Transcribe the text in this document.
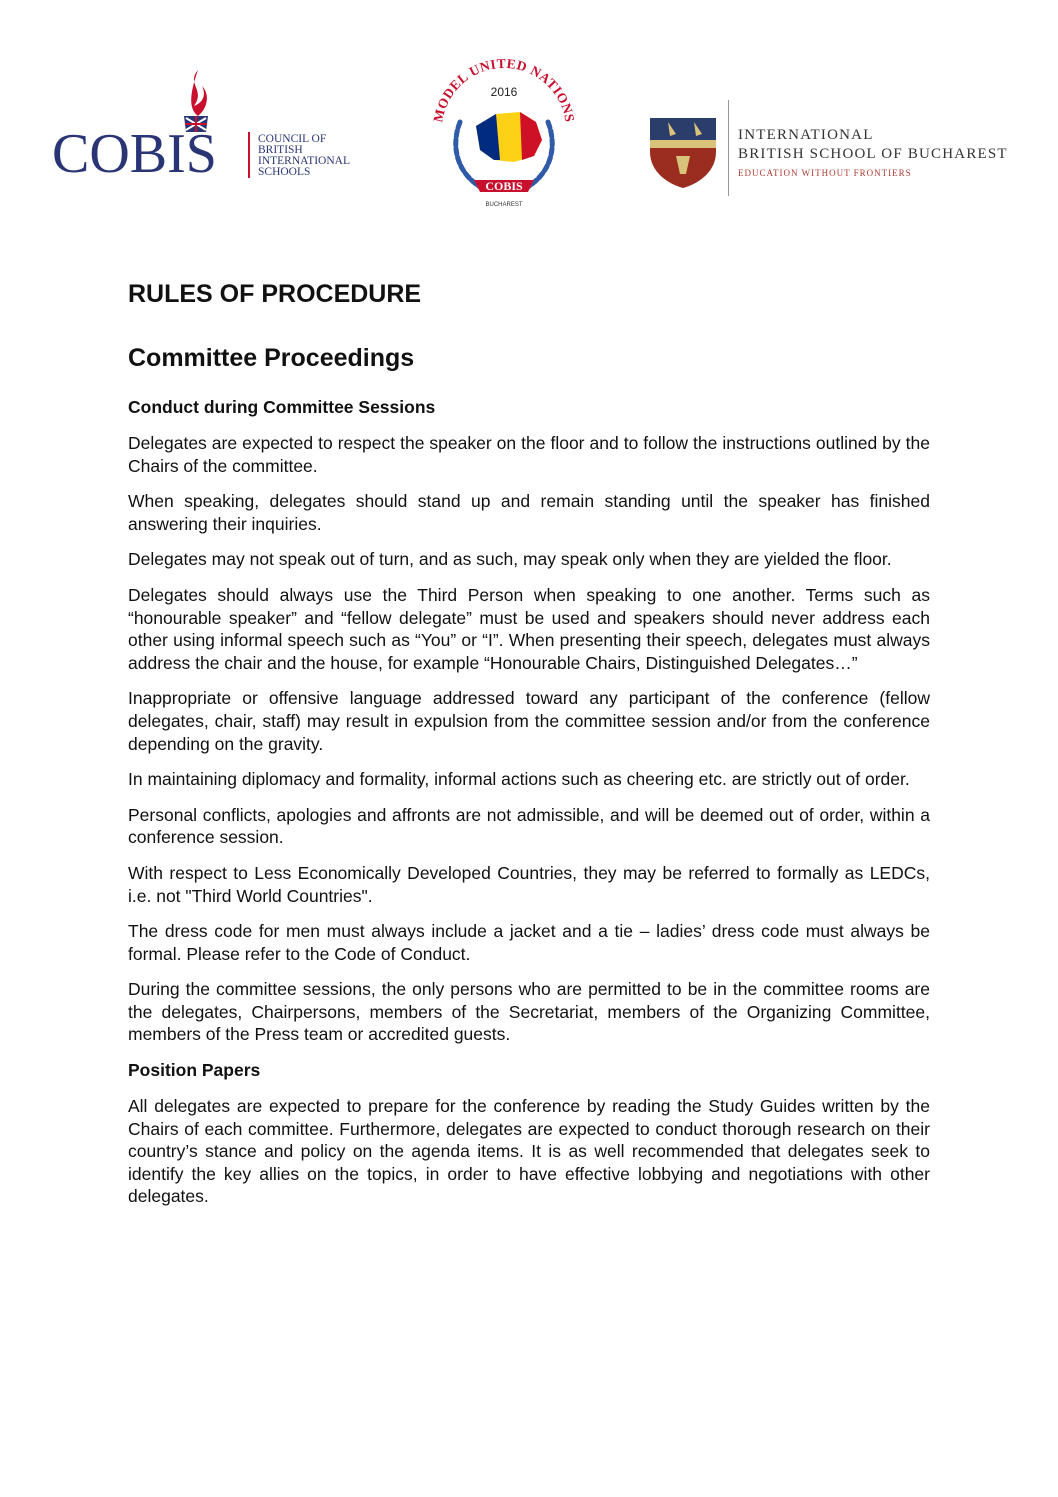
COBIS	COUNCIL OF
BRITISH
INTERNATIONAL
SCHOOLS
MODEL UNITED NATIONS
2016
COBIS
BUCHAREST
INTERNATIONAL
BRITISH SCHOOL OF BUCHAREST
EDUCATION WITHOUT FRONTIERS
RULES OF PROCEDURE
Committee Proceedings
Conduct during Committee Sessions

Delegates are expected to respect the speaker on the floor and to follow the instructions outlined by the Chairs of the committee.

When speaking, delegates should stand up and remain standing until the speaker has finished answering their inquiries.

Delegates may not speak out of turn, and as such, may speak only when they are yielded the floor.

Delegates should always use the Third Person when speaking to one another. Terms such as “honourable speaker” and “fellow delegate” must be used and speakers should never address each other using informal speech such as “You” or “I”. When presenting their speech, delegates must always address the chair and the house, for example “Honourable Chairs, Distinguished Delegates…”

Inappropriate or offensive language addressed toward any participant of the conference (fellow delegates, chair, staff) may result in expulsion from the committee session and/or from the conference depending on the gravity.

In maintaining diplomacy and formality, informal actions such as cheering etc. are strictly out of order.

Personal conflicts, apologies and affronts are not admissible, and will be deemed out of order, within a conference session.

With respect to Less Economically Developed Countries, they may be referred to formally as LEDCs, i.e. not "Third World Countries".

The dress code for men must always include a jacket and a tie – ladies’ dress code must always be formal. Please refer to the Code of Conduct.

During the committee sessions, the only persons who are permitted to be in the committee rooms are the delegates, Chairpersons, members of the Secretariat, members of the Organizing Committee, members of the Press team or accredited guests.

Position Papers

All delegates are expected to prepare for the conference by reading the Study Guides written by the Chairs of each committee. Furthermore, delegates are expected to conduct thorough research on their country’s stance and policy on the agenda items. It is as well recommended that delegates seek to identify the key allies on the topics, in order to have effective lobbying and negotiations with other delegates.
